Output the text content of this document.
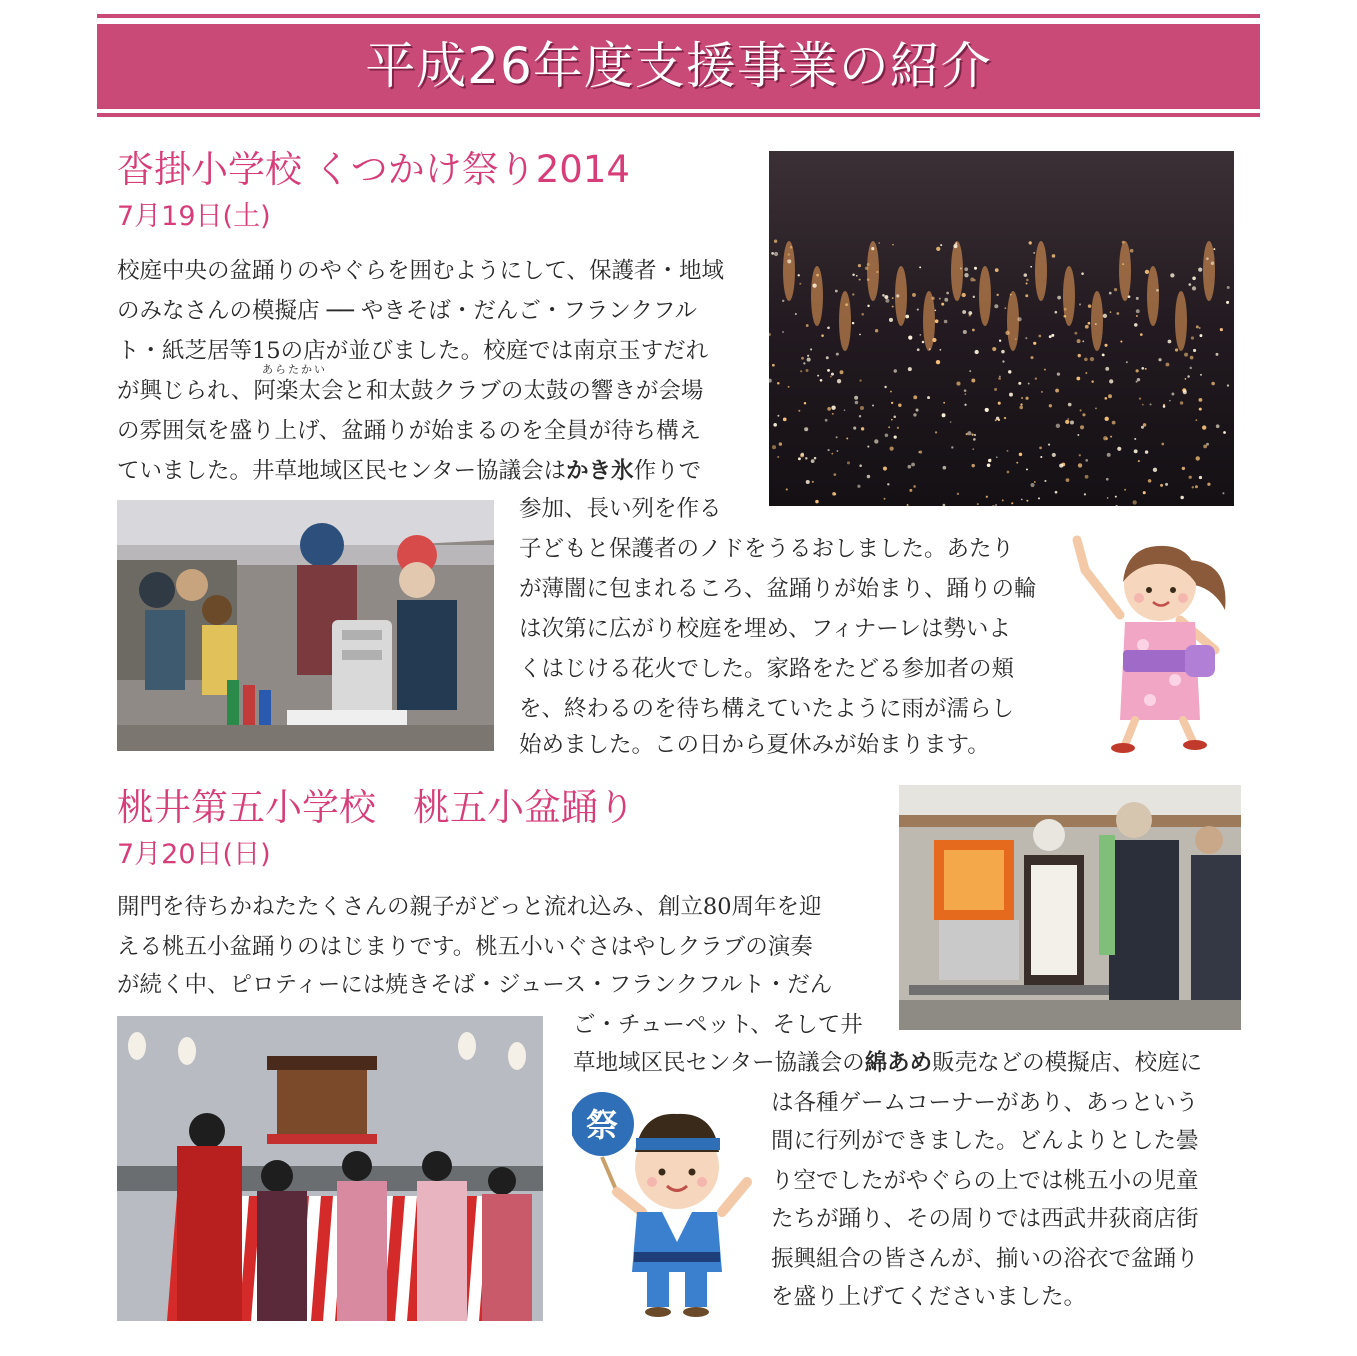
平成26年度支援事業の紹介
沓掛小学校 くつかけ祭り2014
7月19日(土)
校庭中央の盆踊りのやぐらを囲むようにして、保護者・地域
のみなさんの模擬店 ── やきそば・だんご・フランクフル
ト・紙芝居等15の店が並びました。校庭では南京玉すだれ
あらたかい
が興じられ、阿楽太会と和太鼓クラブの太鼓の響きが会場
の雰囲気を盛り上げ、盆踊りが始まるのを全員が待ち構え
ていました。井草地域区民センター協議会はかき氷作りで
参加、長い列を作る
子どもと保護者のノドをうるおしました。あたり
が薄闇に包まれるころ、盆踊りが始まり、踊りの輪
は次第に広がり校庭を埋め、フィナーレは勢いよ
くはじける花火でした。家路をたどる参加者の頬
を、終わるのを待ち構えていたように雨が濡らし
始めました。この日から夏休みが始まります。
桃井第五小学校　桃五小盆踊り
7月20日(日)
開門を待ちかねたたくさんの親子がどっと流れ込み、創立80周年を迎
える桃五小盆踊りのはじまりです。桃五小いぐさはやしクラブの演奏
が続く中、ピロティーには焼きそば・ジュース・フランクフルト・だん
ご・チューペット、そして井
草地域区民センター協議会の綿あめ販売などの模擬店、校庭に
は各種ゲームコーナーがあり、あっという
間に行列ができました。どんよりとした曇
り空でしたがやぐらの上では桃五小の児童
たちが踊り、その周りでは西武井荻商店街
振興組合の皆さんが、揃いの浴衣で盆踊り
を盛り上げてくださいました。
祭
